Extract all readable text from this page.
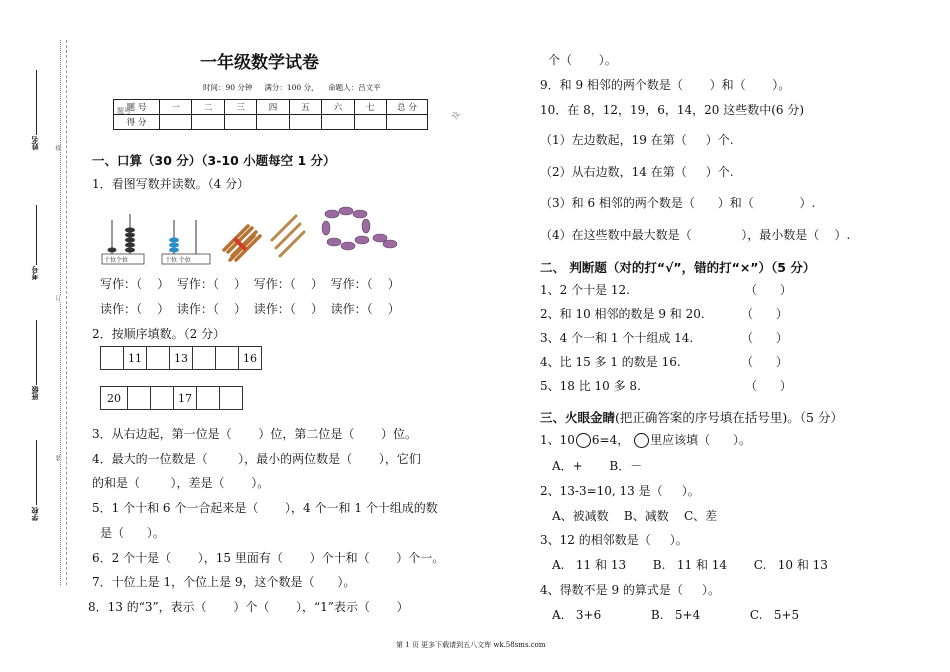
姓名
考号
班级
学校
线
订
装
一年级数学试卷
时间：90 分钟     满分：100 分，    命题人：吕文平
题 号	一	二	三	四	五	六	七	总 分
得 分								
题号	及
一、口算（30 分）（3-10 小题每空 1 分）
1．看图写数并读数。（4 分）
十位个位	十位 个位
写作：（    ）  写作：（    ）  写作：（    ）  写作：（    ）
读作：（    ）  读作：（    ）  读作：（    ）  读作：（    ）
2．按顺序填数。（2 分）
	11		13			16
20			17		
3．从右边起，第一位是（       ）位，第二位是（       ）位。
4．最大的一位数是（        ），最小的两位数是（       ），它们
的和是（        ），差是（       ）。
5．1 个十和 6 个一合起来是（       ），4 个一和 1 个十组成的数
是（      ）。
6．2 个十是（       ），15 里面有（       ）个十和（       ）个一。
7．十位上是 1，个位上是 9，这个数是（      ）。
8．13 的“3”，表示（       ）个（       ），“1”表示（       ）
个（       ）。
9．和 9 相邻的两个数是（       ）和（       ）。
10．在 8，12，19，6，14，20 这些数中(6 分)
（1）左边数起，19 在第（     ）个.
（2）从右边数，14 在第（     ）个.
（3）和 6 相邻的两个数是（      ）和（            ）.
（4）在这些数中最大数是（             ），最小数是（    ）.
二、 判断题（对的打“√”，错的打“×”）（5 分）
1、2 个十是 12.	（      ）
2、和 10 相邻的数是 9 和 20.	（      ）
3、4 个一和 1 个十组成 14.	（      ）
4、比 15 多 1 的数是 16.	（      ）
5、18 比 10 多 8.	（      ）
三、火眼金睛(把正确答案的序号填在括号里)。（5 分）
1、10 6=4， 里应该填（      ）。
A．+       B．－
2、13-3=10, 13 是（     ）。
A、被减数    B、减数    C、差
3、12 的相邻数是（     ）。
A.   11 和 13       B.   11 和 14       C.   10 和 13
4、得数不是 9 的算式是（     ）。
A.   3+6             B.   5+4             C.   5+5
第 1 页 更多下载请到五八文库 wk.58sms.com
